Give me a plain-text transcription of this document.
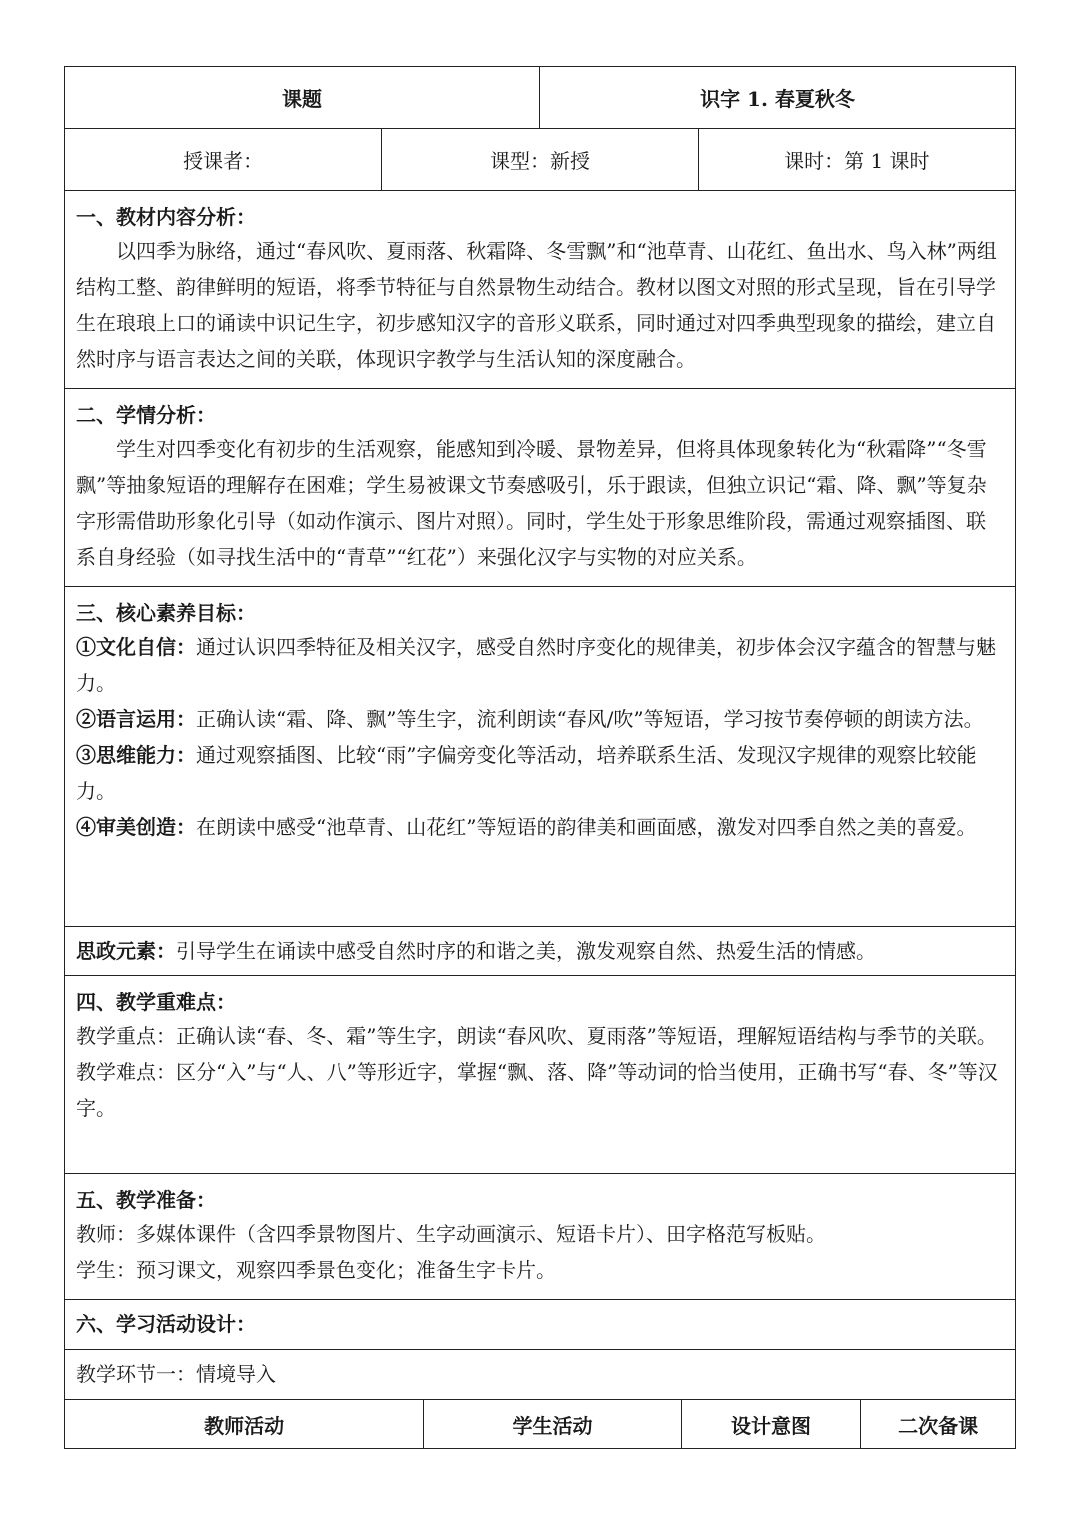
课题	识字 1. 春夏秋冬
授课者：	课型：新授	课时：第 1 课时
一、教材内容分析：

以四季为脉络，通过“春风吹、夏雨落、秋霜降、冬雪飘”和“池草青、山花红、鱼出水、鸟入林”两组结构工整、韵律鲜明的短语，将季节特征与自然景物生动结合。教材以图文对照的形式呈现，旨在引导学生在琅琅上口的诵读中识记生字，初步感知汉字的音形义联系，同时通过对四季典型现象的描绘，建立自然时序与语言表达之间的关联，体现识字教学与生活认知的深度融合。

二、学情分析：

学生对四季变化有初步的生活观察，能感知到冷暖、景物差异，但将具体现象转化为“秋霜降”“冬雪飘”等抽象短语的理解存在困难；学生易被课文节奏感吸引，乐于跟读，但独立识记“霜、降、飘”等复杂字形需借助形象化引导（如动作演示、图片对照）。同时，学生处于形象思维阶段，需通过观察插图、联系自身经验（如寻找生活中的“青草”“红花”）来强化汉字与实物的对应关系。

三、核心素养目标：

①文化自信：通过认识四季特征及相关汉字，感受自然时序变化的规律美，初步体会汉字蕴含的智慧与魅力。

②语言运用：正确认读“霜、降、飘”等生字，流利朗读“春风/吹”等短语，学习按节奏停顿的朗读方法。

③思维能力：通过观察插图、比较“雨”字偏旁变化等活动，培养联系生活、发现汉字规律的观察比较能力。

④审美创造：在朗读中感受“池草青、山花红”等短语的韵律美和画面感，激发对四季自然之美的喜爱。

思政元素：引导学生在诵读中感受自然时序的和谐之美，激发观察自然、热爱生活的情感。

四、教学重难点：

教学重点：正确认读“春、冬、霜”等生字，朗读“春风吹、夏雨落”等短语，理解短语结构与季节的关联。

教学难点：区分“入”与“人、八”等形近字，掌握“飘、落、降”等动词的恰当使用，正确书写“春、冬”等汉字。

五、教学准备：

教师：多媒体课件（含四季景物图片、生字动画演示、短语卡片）、田字格范写板贴。

学生：预习课文，观察四季景色变化；准备生字卡片。

六、学习活动设计：

教学环节一：情境导入

教师活动	学生活动	设计意图	二次备课
